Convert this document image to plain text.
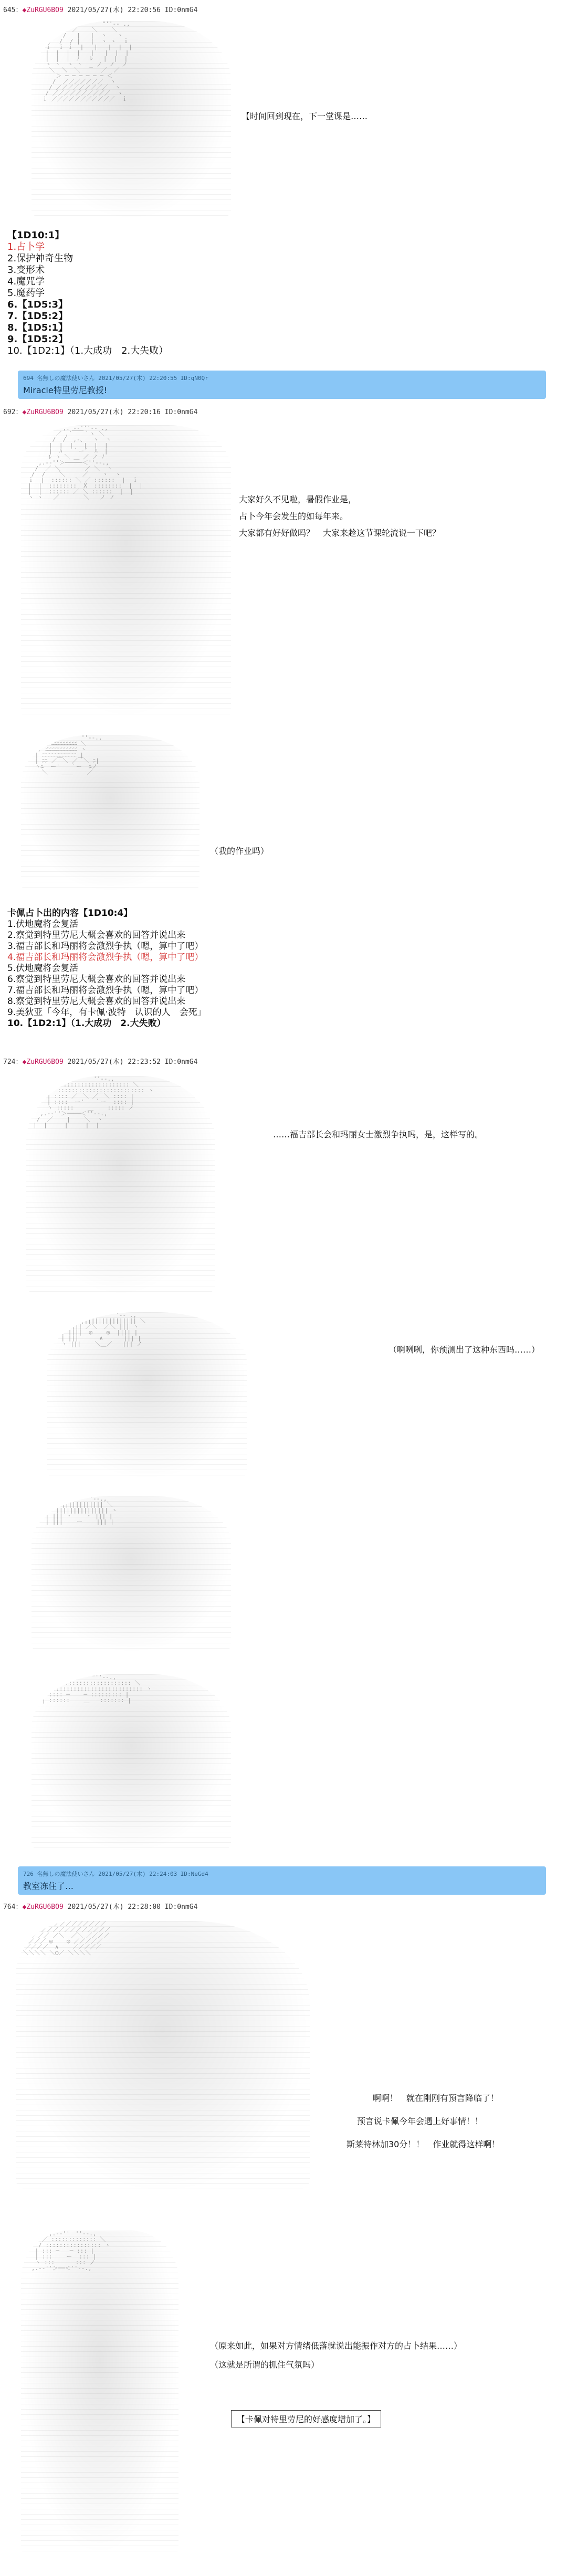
645：◆ZuRGU6BO9 2021/05/27(木) 22:20:56 ID:0nmG4
,. -‐''"￣￣"''‐- .,
／   ／    ＼    ＼
/  /   |   |  ヽ   ヽ
/  /  / |   |  ヽ ヽ  ｉ
ｉ  ｉ ｉ  |   |   |  |  |
|  |  |  |   |   |  |  |
|  |  |  ﾉ   ﾚ   |  |  |
ヽ ヽ  ヽ ヽ  _ ノ  ノ  ノ
＼  ＼  ＼      ／  ／
＞ ─ ─ ─ ─ ─ ─ ＜
/  ／／／／／／／  ヽ
/ ／／／／／／／／／  ヽ
/ ／／／／／／／／／／  ヽ
ｉ ／／／／／／／／／／／  ｉ

【时间回到现在，下一堂课是……
【1D10:1】
1.占卜学
2.保护神奇生物
3.变形术
4.魔咒学
5.魔药学
6.【1D5:3】
7.【1D5:2】
8.【1D5:1】
9.【1D5:2】
10.【1D2:1】（1.大成功　2.大失败）
694 名無しの魔法使いさん 2021/05/27(木) 22:20:55 ID:qN0Qr
Miracle特里劳尼教授!
692：◆ZuRGU6BO9 2021/05/27(木) 22:20:16 ID:0nmG4
,. -‐'''‐- .,
／ ,´￣￣｀ヽ ＼
/  /  ,-、  ヽ  ヽ
|  |  |   |  |  |
|  ﾊ   ｀ー´  ﾊ  |
ﾚ ヽ ＼ ＿ ／ ノ ﾉ
,.-‐''＞─────＜''‐-.,
/  ／ ＼       ／ ＼  ヽ
/  /    ＼     ／    ヽ  ヽ
ｉ  |  :::::: ＼ ／ ::::::  |  ｉ
|  |  ::::::::  X  ::::::::  |  |
|  |  :::::: ／ ＼ ::::::  |  |
ヽ ヽ   ／       ＼   ノ ノ	大家好久不见啦，暑假作业是，
占卜今年会发生的如每年来。
大家都有好好做吗？　大家来趁这节课轮流说一下吧？
,.-‐''￣￣''‐-.,
／ ﾆﾆﾆﾆﾆﾆﾆﾆﾆ ＼
/ ﾆﾆﾆﾆﾆﾆﾆﾆﾆﾆﾆ ヽ
| ﾆﾆﾆﾆﾆﾆﾆﾆﾆﾆﾆﾆ |
| ﾆﾆ ／￣＼ ／￣＼ ﾆ|
ヽﾆ  ー'   ｀ー  ﾆノ
＼    ＿＿    ／

（我的作业吗）
卡佩占卜出的内容【1D10:4】
1.伏地魔将会复活
2.察觉到特里劳尼大概会喜欢的回答并说出来
3.福吉部长和玛丽将会激烈争执（嗯，算中了吧）
4.福吉部长和玛丽将会激烈争执（嗯，算中了吧）
5.伏地魔将会复活
6.察觉到特里劳尼大概会喜欢的回答并说出来
7.福吉部长和玛丽将会激烈争执（嗯，算中了吧）
8.察觉到特里劳尼大概会喜欢的回答并说出来
9.美狄亚「今年，有卡佩·波特　认识的人　会死」
10.【1D2:1】（1.大成功　2.大失败）
724：◆ZuRGU6BO9 2021/05/27(木) 22:23:52 ID:0nmG4
,.-‐''￣￣''‐-.,
／ ::::::::::::::::::: ＼
/ ::::::::::::::::::::::::: ヽ
| :::: ／￣＼ ／￣＼ :::: |
| ::::  ー'   ｀ー  :::: |
ヽ :::::    ＿    ::::: ノ
,.-‐''＞────＜''‐-.,
/  ／    |    ＼  ヽ
|  |     |     |  |

……福吉部长会和玛丽女士激烈争执吗，是，这样写的。
,. -‐''"￣"''‐- .,
／ ||||||||||||||||| ＼
/ ||| ／＼  ／＼ ||| ヽ
| ||||  ◎    ◎  |||| |
| |||      ∧      ||| |
ヽ |||    ＼＿／   ||| ノ

（啊咧咧，你预测出了这种东西吗……）
,.-‐''￣''‐-.,
／ |||||||||||| ＼
/ ||||||||||||||| ヽ
| ||| ・    ・ ||| |
| |||    ー    ||| |

,.-‐''"￣￣"''‐-.,
／ ::::::::::::::::::::: ＼
/ :::::::::::::::::::::::::: ヽ
| :::: ─    ─ ::::::::: |
| ::::::    ＿   ::::::: |

726 名無しの魔法使いさん 2021/05/27(木) 22:24:03 ID:NeGd4
教室冻住了…
764：◆ZuRGU6BO9 2021/05/27(木) 22:28:00 ID:0nmG4
／／／／／／／／／／／／
／／／／／／／／／／／／／／
／／／／ ／＼  ／＼ ／／／／
／／／／ ◎    ◎ ／／／／／
／／／／／  ∧    ／／／／／
＼＼＼＼ ＼○／ ＼＼＼＼

啊啊！　就在刚刚有预言降临了！
预言说卡佩今年会遇上好事情！！
斯莱特林加30分！！　作业就得这样啊！
,.-‐''￣''‐-.,
／ ::::::::::::: ＼
/ :::::::::::::::: ヽ
| ::: ─   ─ ::: |
| :::    ー  ::: |
ヽ :::      ::: ノ
,.-‐''＞──＜''‐-.,

（原来如此，如果对方情绪低落就说出能振作对方的占卜结果……）
（这就是所谓的抓住气氛吗）
【卡佩对特里劳尼的好感度增加了。】
